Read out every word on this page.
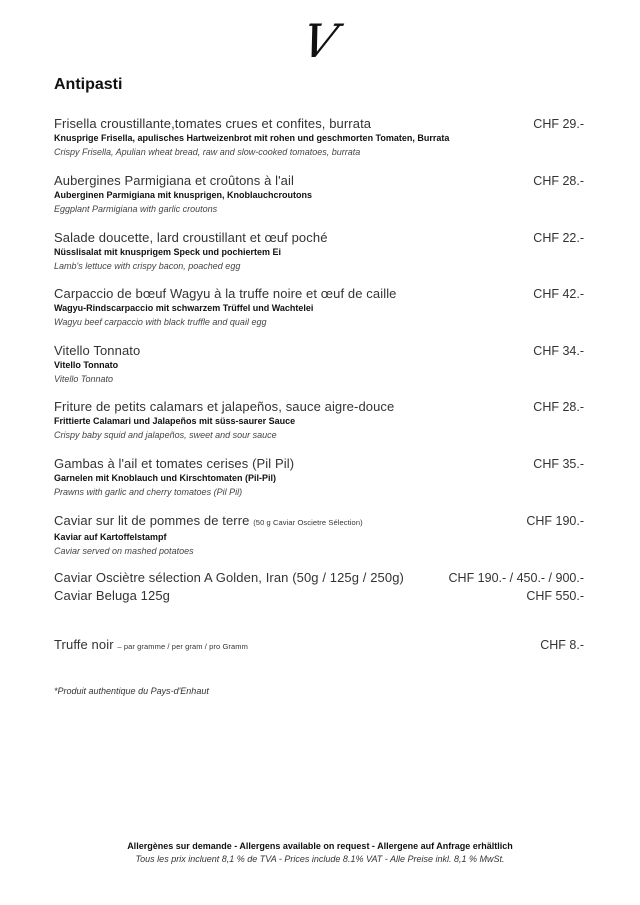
V
Antipasti
Frisella croustillante,tomates crues et confites, burrata	CHF 29.-
Knusprige Frisella, apulisches Hartweizenbrot mit rohen und geschmorten Tomaten, Burrata
Crispy Frisella, Apulian wheat bread, raw and slow-cooked tomatoes, burrata
Aubergines Parmigiana et croûtons à l'ail	CHF 28.-
Auberginen Parmigiana mit knusprigen, Knoblauchcroutons
Eggplant Parmigiana with garlic croutons
Salade doucette, lard croustillant et œuf poché	CHF 22.-
Nüsslisalat mit knusprigem Speck und pochiertem Ei
Lamb's lettuce with crispy bacon, poached egg
Carpaccio de bœuf Wagyu à la truffe noire et œuf de caille	CHF 42.-
Wagyu-Rindscarpaccio mit schwarzem Trüffel und Wachtelei
Wagyu beef carpaccio with black truffle and quail egg
Vitello Tonnato	CHF 34.-
Vitello Tonnato
Vitello Tonnato
Friture de petits calamars et jalapeños, sauce aigre-douce	CHF 28.-
Frittierte Calamari und Jalapeños mit süss-saurer Sauce
Crispy baby squid and jalapeños, sweet and sour sauce
Gambas à l'ail et tomates cerises (Pil Pil)	CHF 35.-
Garnelen mit Knoblauch und Kirschtomaten (Pil-Pil)
Prawns with garlic and cherry tomatoes (Pil Pil)
Caviar sur lit de pommes de terre (50 g Caviar Oscietre Sélection)	CHF 190.-
Kaviar auf Kartoffelstampf
Caviar served on mashed potatoes
Caviar Osciètre sélection A Golden, Iran (50g / 125g / 250g)	CHF 190.- / 450.- / 900.-
Caviar Beluga 125g	CHF 550.-
Truffe noir – par gramme / per gram / pro Gramm	CHF 8.-
*Produit authentique du Pays-d'Enhaut
Allergènes sur demande - Allergens available on request - Allergene auf Anfrage erhältlich
Tous les prix incluent 8,1 % de TVA - Prices include 8.1% VAT - Alle Preise inkl. 8,1 % MwSt.
